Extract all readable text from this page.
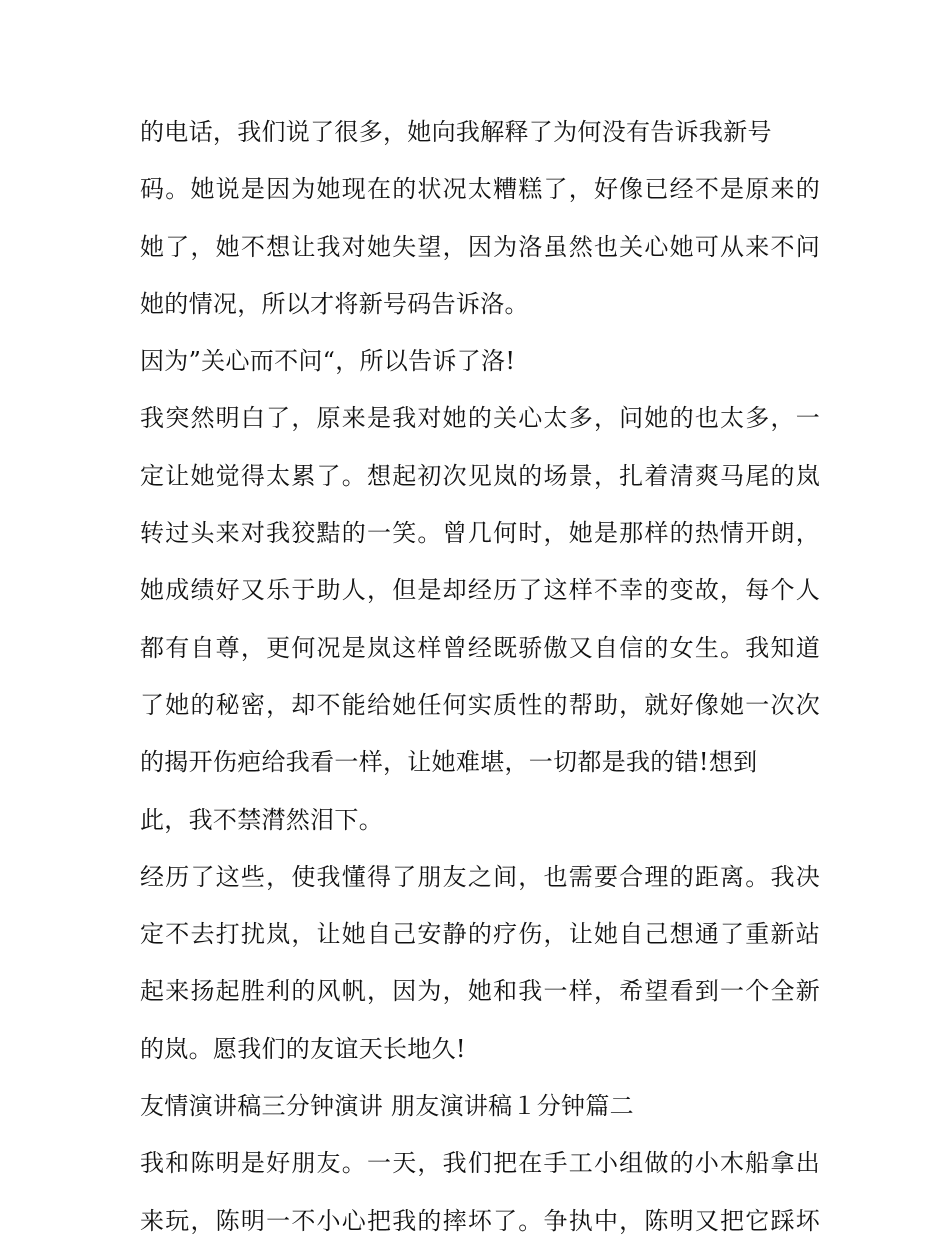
的电话，我们说了很多，她向我解释了为何没有告诉我新号
码。她说是因为她现在的状况太糟糕了，好像已经不是原来的
她了，她不想让我对她失望，因为洛虽然也关心她可从来不问
她的情况，所以才将新号码告诉洛。
因为”关心而不问“，所以告诉了洛!
我突然明白了，原来是我对她的关心太多，问她的也太多，一
定让她觉得太累了。想起初次见岚的场景，扎着清爽马尾的岚
转过头来对我狡黠的一笑。曾几何时，她是那样的热情开朗，
她成绩好又乐于助人，但是却经历了这样不幸的变故，每个人
都有自尊，更何况是岚这样曾经既骄傲又自信的女生。我知道
了她的秘密，却不能给她任何实质性的帮助，就好像她一次次
的揭开伤疤给我看一样，让她难堪，一切都是我的错!想到
此，我不禁潸然泪下。
经历了这些，使我懂得了朋友之间，也需要合理的距离。我决
定不去打扰岚，让她自己安静的疗伤，让她自己想通了重新站
起来扬起胜利的风帆，因为，她和我一样，希望看到一个全新
的岚。愿我们的友谊天长地久!
友情演讲稿三分钟演讲 朋友演讲稿１分钟篇二
我和陈明是好朋友。一天，我们把在手工小组做的小木船拿出
来玩，陈明一不小心把我的摔坏了。争执中，陈明又把它踩坏
